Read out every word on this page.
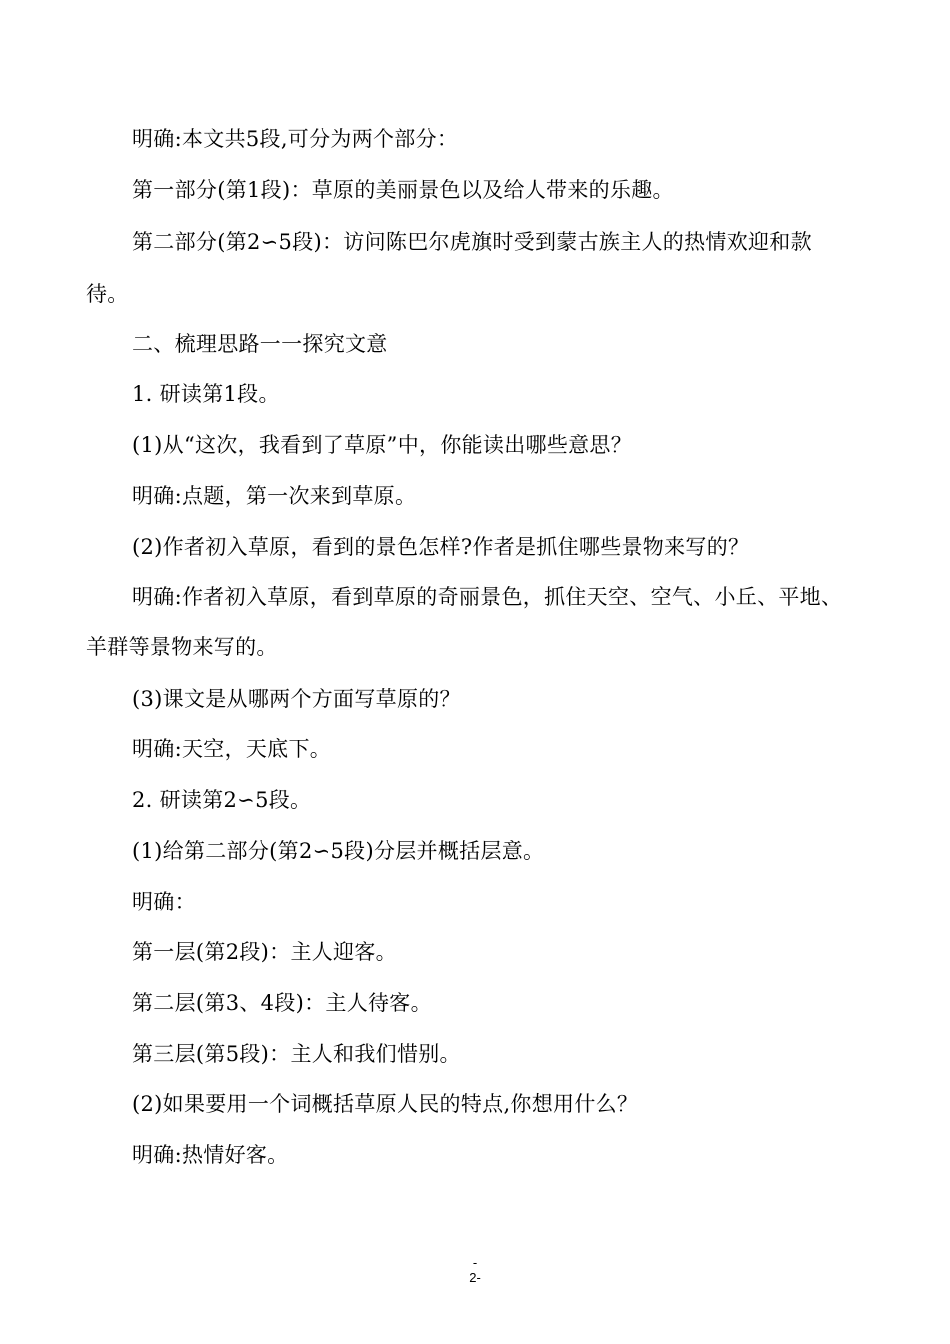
明确:本文共5段,可分为两个部分：
第一部分(第1段)：草原的美丽景色以及给人带来的乐趣。
第二部分(第2∽5段)：访问陈巴尔虎旗时受到蒙古族主人的热情欢迎和款
待。
二、梳理思路一一探究文意
1. 研读第1段。
(1)从“这次，我看到了草原”中，你能读出哪些意思？
明确:点题，第一次来到草原。
(2)作者初入草原，看到的景色怎样?作者是抓住哪些景物来写的？
明确:作者初入草原，看到草原的奇丽景色，抓住天空、空气、小丘、平地、
羊群等景物来写的。
(3)课文是从哪两个方面写草原的？
明确:天空，天底下。
2. 研读第2∽5段。
(1)给第二部分(第2∽5段)分层并概括层意。
明确：
第一层(第2段)：主人迎客。
第二层(第3、4段)：主人待客。
第三层(第5段)：主人和我们惜别。
(2)如果要用一个词概括草原人民的特点,你想用什么？
明确:热情好客。
-
2-
